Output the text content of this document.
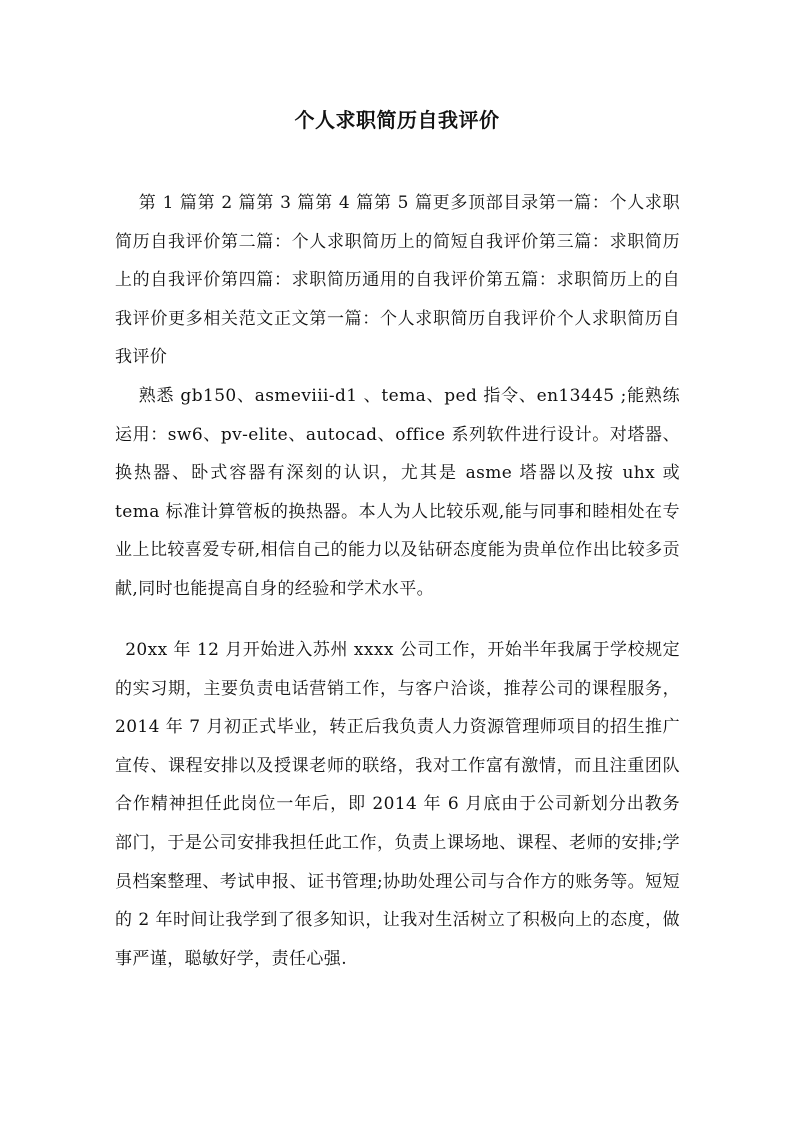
个人求职简历自我评价

第 1 篇第 2 篇第 3 篇第 4 篇第 5 篇更多顶部目录第一篇：个人求职简历自我评价第二篇：个人求职简历上的简短自我评价第三篇：求职简历上的自我评价第四篇：求职简历通用的自我评价第五篇：求职简历上的自我评价更多相关范文正文第一篇：个人求职简历自我评价个人求职简历自我评价

熟悉 gb150、asmeviii-d1 、tema、ped 指令、en13445 ;能熟练运用：sw6、pv-elite、autocad、office 系列软件进行设计。对塔器、换热器、卧式容器有深刻的认识，尤其是 asme 塔器以及按 uhx 或 tema 标准计算管板的换热器。本人为人比较乐观,能与同事和睦相处在专业上比较喜爱专研,相信自己的能力以及钻研态度能为贵单位作出比较多贡献,同时也能提高自身的经验和学术水平。

20xx 年 12 月开始进入苏州 xxxx 公司工作，开始半年我属于学校规定的实习期，主要负责电话营销工作，与客户洽谈，推荐公司的课程服务，2014 年 7 月初正式毕业，转正后我负责人力资源管理师项目的招生推广宣传、课程安排以及授课老师的联络，我对工作富有激情，而且注重团队合作精神担任此岗位一年后，即 2014 年 6 月底由于公司新划分出教务部门，于是公司安排我担任此工作，负责上课场地、课程、老师的安排;学员档案整理、考试申报、证书管理;协助处理公司与合作方的账务等。短短的 2 年时间让我学到了很多知识，让我对生活树立了积极向上的态度，做事严谨，聪敏好学，责任心强.
